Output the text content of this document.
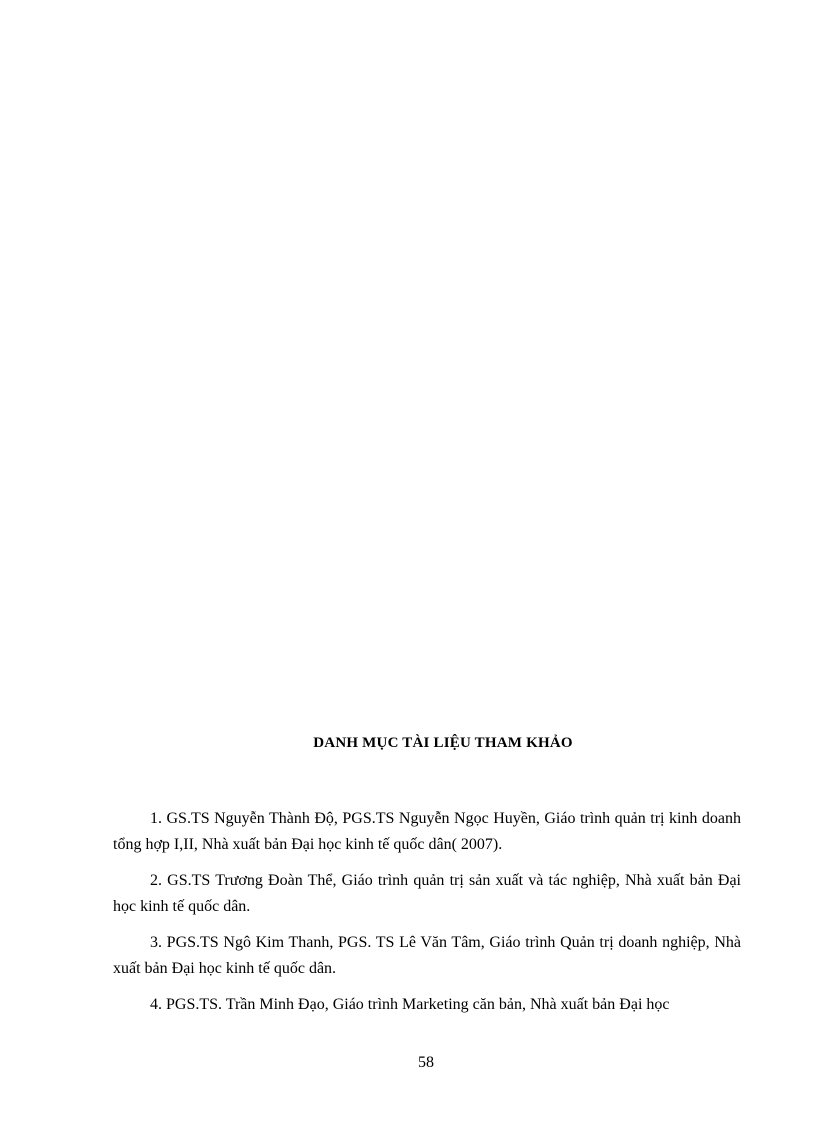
DANH MỤC TÀI LIỆU THAM KHẢO

1. GS.TS Nguyễn Thành Độ, PGS.TS Nguyễn Ngọc Huyền, Giáo trình quản trị kinh doanh tổng hợp I,II, Nhà xuất bản Đại học kinh tế quốc dân( 2007).

2. GS.TS Trương Đoàn Thể, Giáo trình quản trị sản xuất và tác nghiệp, Nhà xuất bản Đại học kinh tế quốc dân.

3. PGS.TS Ngô Kim Thanh, PGS. TS Lê Văn Tâm, Giáo trình Quản trị doanh nghiệp, Nhà xuất bản Đại học kinh tế quốc dân.

4. PGS.TS. Trần Minh Đạo, Giáo trình Marketing căn bản, Nhà xuất bản Đại học

58
